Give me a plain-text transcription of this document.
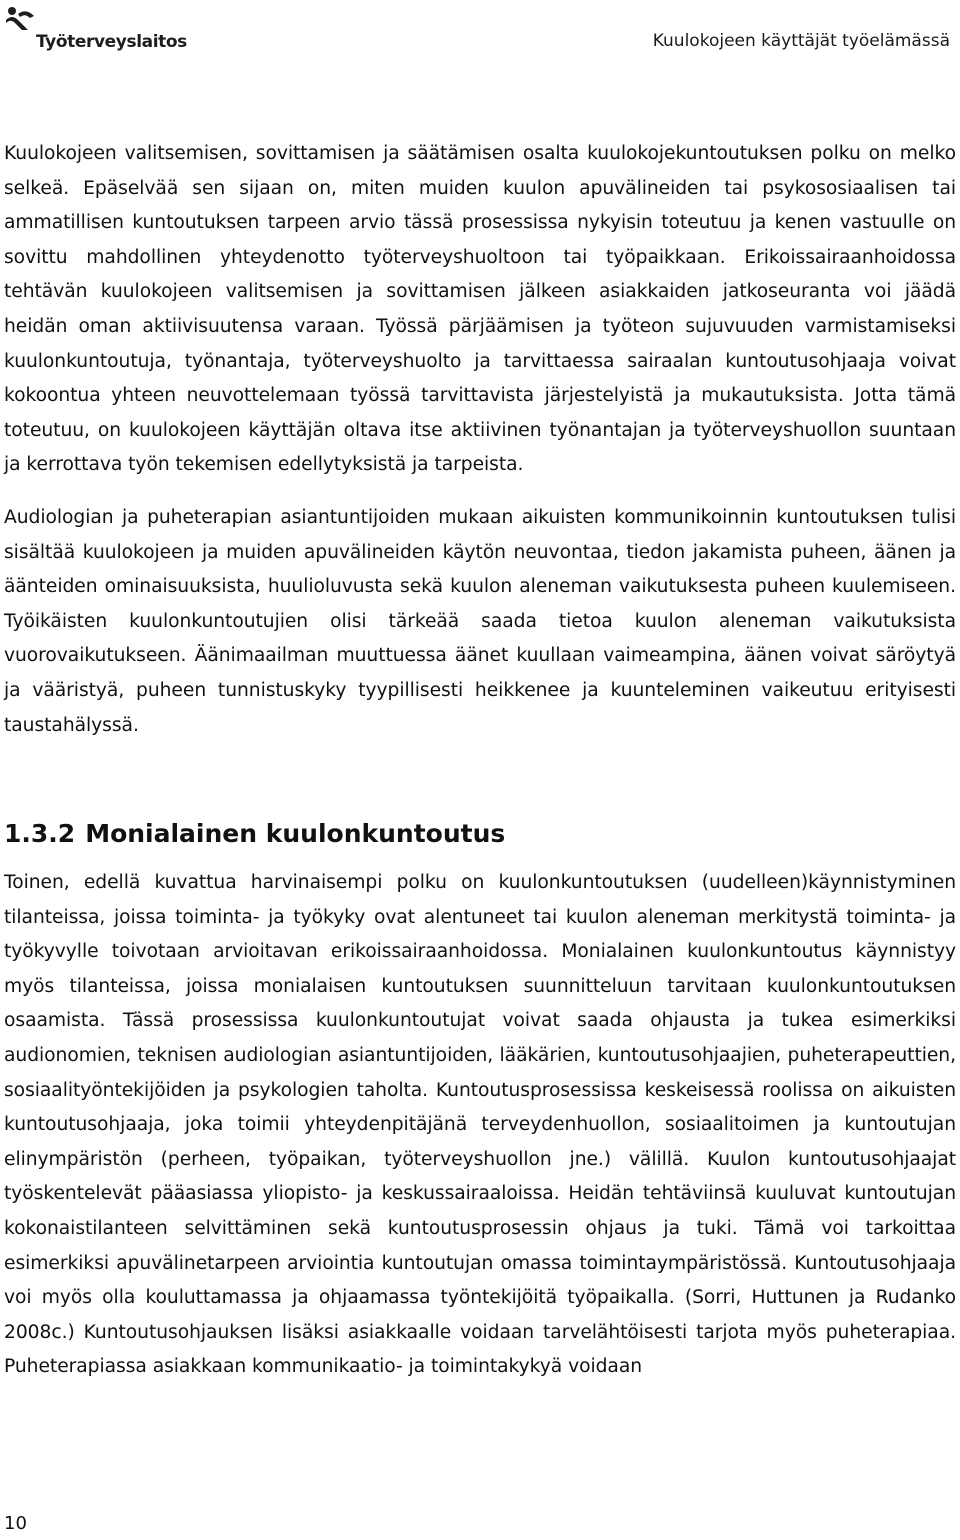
Työterveyslaitos	Kuulokojeen käyttäjät työelämässä

Kuulokojeen valitsemisen, sovittamisen ja säätämisen osalta kuulokojekuntoutuksen polku on melko selkeä. Epäselvää sen sijaan on, miten muiden kuulon apuvälineiden tai psykososiaalisen tai ammatillisen kuntoutuksen tarpeen arvio tässä prosessissa nykyisin toteutuu ja kenen vastuulle on sovittu mahdollinen yhteydenotto työterveyshuoltoon tai työpaikkaan. Erikoissairaanhoidossa tehtävän kuulokojeen valitsemisen ja sovittamisen jälkeen asiakkaiden jatkoseuranta voi jäädä heidän oman aktiivisuutensa varaan. Työssä pärjäämisen ja työteon sujuvuuden varmistamiseksi kuulonkuntoutuja, työnantaja, työterveyshuolto ja tarvittaessa sairaalan kuntoutusohjaaja voivat kokoontua yhteen neuvottelemaan työssä tarvittavista järjestelyistä ja mukautuksista. Jotta tämä toteutuu, on kuulokojeen käyttäjän oltava itse aktiivinen työnantajan ja työterveyshuollon suuntaan ja kerrottava työn tekemisen edellytyksistä ja tarpeista.

Audiologian ja puheterapian asiantuntijoiden mukaan aikuisten kommunikoinnin kuntoutuksen tulisi sisältää kuulokojeen ja muiden apuvälineiden käytön neuvontaa, tiedon jakamista puheen, äänen ja äänteiden ominaisuuksista, huulioluvusta sekä kuulon aleneman vaikutuksesta puheen kuulemiseen. Työikäisten kuulonkuntoutujien olisi tärkeää saada tietoa kuulon aleneman vaikutuksista vuorovaikutukseen. Äänimaailman muuttuessa äänet kuullaan vaimeampina, äänen voivat säröytyä ja vääristyä, puheen tunnistuskyky tyypillisesti heikkenee ja kuunteleminen vaikeutuu erityisesti taustahälyssä.

1.3.2 Monialainen kuulonkuntoutus

Toinen, edellä kuvattua harvinaisempi polku on kuulonkuntoutuksen (uudelleen)käynnistyminen tilanteissa, joissa toiminta- ja työkyky ovat alentuneet tai kuulon aleneman merkitystä toiminta- ja työkyvylle toivotaan arvioitavan erikoissairaanhoidossa. Monialainen kuulonkuntoutus käynnistyy myös tilanteissa, joissa monialaisen kuntoutuksen suunnitteluun tarvitaan kuulonkuntoutuksen osaamista. Tässä prosessissa kuulonkuntoutujat voivat saada ohjausta ja tukea esimerkiksi audionomien, teknisen audiologian asiantuntijoiden, lääkärien, kuntoutusohjaajien, puheterapeuttien, sosiaalityöntekijöiden ja psykologien taholta. Kuntoutusprosessissa keskeisessä roolissa on aikuisten kuntoutusohjaaja, joka toimii yhteydenpitäjänä terveydenhuollon, sosiaalitoimen ja kuntoutujan elinympäristön (perheen, työpaikan, työterveyshuollon jne.) välillä. Kuulon kuntoutusohjaajat työskentelevät pääasiassa yliopisto- ja keskussairaaloissa. Heidän tehtäviinsä kuuluvat kuntoutujan kokonaistilanteen selvittäminen sekä kuntoutusprosessin ohjaus ja tuki. Tämä voi tarkoittaa esimerkiksi apuvälinetarpeen arviointia kuntoutujan omassa toimintaympäristössä. Kuntoutusohjaaja voi myös olla kouluttamassa ja ohjaamassa työntekijöitä työpaikalla. (Sorri, Huttunen ja Rudanko 2008c.) Kuntoutusohjauksen lisäksi asiakkaalle voidaan tarvelähtöisesti tarjota myös puheterapiaa. Puheterapiassa asiakkaan kommunikaatio- ja toimintakykyä voidaan

10
